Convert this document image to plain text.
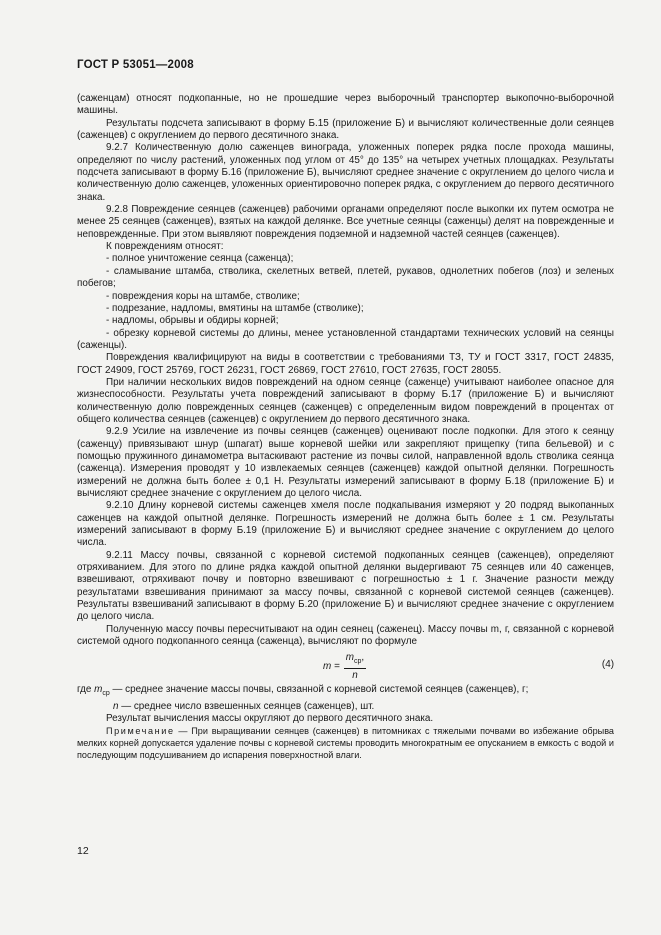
ГОСТ Р 53051—2008

(саженцам) относят подкопанные, но не прошедшие через выборочный транспортер выкопочно-выборочной машины.

Результаты подсчета записывают в форму Б.15 (приложение Б) и вычисляют количественные доли сеянцев (саженцев) с округлением до первого десятичного знака.

9.2.7 Количественную долю саженцев винограда, уложенных поперек рядка после прохода машины, определяют по числу растений, уложенных под углом от 45° до 135° на четырех учетных площадках. Результаты подсчета записывают в форму Б.16 (приложение Б), вычисляют среднее значение с округлением до целого числа и количественную долю саженцев, уложенных ориентировочно поперек рядка, с округлением до первого десятичного знака.

9.2.8 Повреждение сеянцев (саженцев) рабочими органами определяют после выкопки их путем осмотра не менее 25 сеянцев (саженцев), взятых на каждой делянке. Все учетные сеянцы (саженцы) делят на поврежденные и неповрежденные. При этом выявляют повреждения подземной и надземной частей сеянцев (саженцев).

К повреждениям относят:

- полное уничтожение сеянца (саженца);

- сламывание штамба, стволика, скелетных ветвей, плетей, рукавов, однолетних побегов (лоз) и зеленых побегов;

- повреждения коры на штамбе, стволике;

- подрезание, надломы, вмятины на штамбе (стволике);

- надломы, обрывы и обдиры корней;

- обрезку корневой системы до длины, менее установленной стандартами технических условий на сеянцы (саженцы).

Повреждения квалифицируют на виды в соответствии с требованиями ТЗ, ТУ и ГОСТ 3317, ГОСТ 24835, ГОСТ 24909, ГОСТ 25769, ГОСТ 26231, ГОСТ 26869, ГОСТ 27610, ГОСТ 27635, ГОСТ 28055.

При наличии нескольких видов повреждений на одном сеянце (саженце) учитывают наиболее опасное для жизнеспособности. Результаты учета повреждений записывают в форму Б.17 (приложение Б) и вычисляют количественную долю поврежденных сеянцев (саженцев) с определенным видом повреждений в процентах от общего количества сеянцев (саженцев) с округлением до первого десятичного знака.

9.2.9 Усилие на извлечение из почвы сеянцев (саженцев) оценивают после подкопки. Для этого к сеянцу (саженцу) привязывают шнур (шпагат) выше корневой шейки или закрепляют прищепку (типа бельевой) и с помощью пружинного динамометра вытаскивают растение из почвы силой, направленной вдоль стволика сеянца (саженца). Измерения проводят у 10 извлекаемых сеянцев (саженцев) каждой опытной делянки. Погрешность измерений не должна быть более ± 0,1 Н. Результаты измерений записывают в форму Б.18 (приложение Б) и вычисляют среднее значение с округлением до целого числа.

9.2.10 Длину корневой системы саженцев хмеля после подкапывания измеряют у 20 подряд выкопанных саженцев на каждой опытной делянке. Погрешность измерений не должна быть более ± 1 см. Результаты измерений записывают в форму Б.19 (приложение Б) и вычисляют среднее значение с округлением до целого числа.

9.2.11 Массу почвы, связанной с корневой системой подкопанных сеянцев (саженцев), определяют отряхиванием. Для этого по длине рядка каждой опытной делянки выдергивают 75 сеянцев или 40 саженцев, взвешивают, отряхивают почву и повторно взвешивают с погрешностью ± 1 г. Значение разности между результатами взвешивания принимают за массу почвы, связанной с корневой системой сеянцев (саженцев). Результаты взвешиваний записывают в форму Б.20 (приложение Б) и вычисляют среднее значение с округлением до целого числа.

Полученную массу почвы пересчитывают на один сеянец (саженец). Массу почвы m, г, связанной с корневой системой одного подкопанного сеянца (саженца), вычисляют по формуле

$m = \frac{m_{ср},}{n}$	(4)

где $m_{ср}$ — среднее значение массы почвы, связанной с корневой системой сеянцев (саженцев), г;

n — среднее число взвешенных сеянцев (саженцев), шт.

Результат вычисления массы округляют до первого десятичного знака.

Примечание — При выращивании сеянцев (саженцев) в питомниках с тяжелыми почвами во избежание обрыва мелких корней допускается удаление почвы с корневой системы проводить многократным ее опусканием в емкость с водой и последующим подсушиванием до испарения поверхностной влаги.

12
